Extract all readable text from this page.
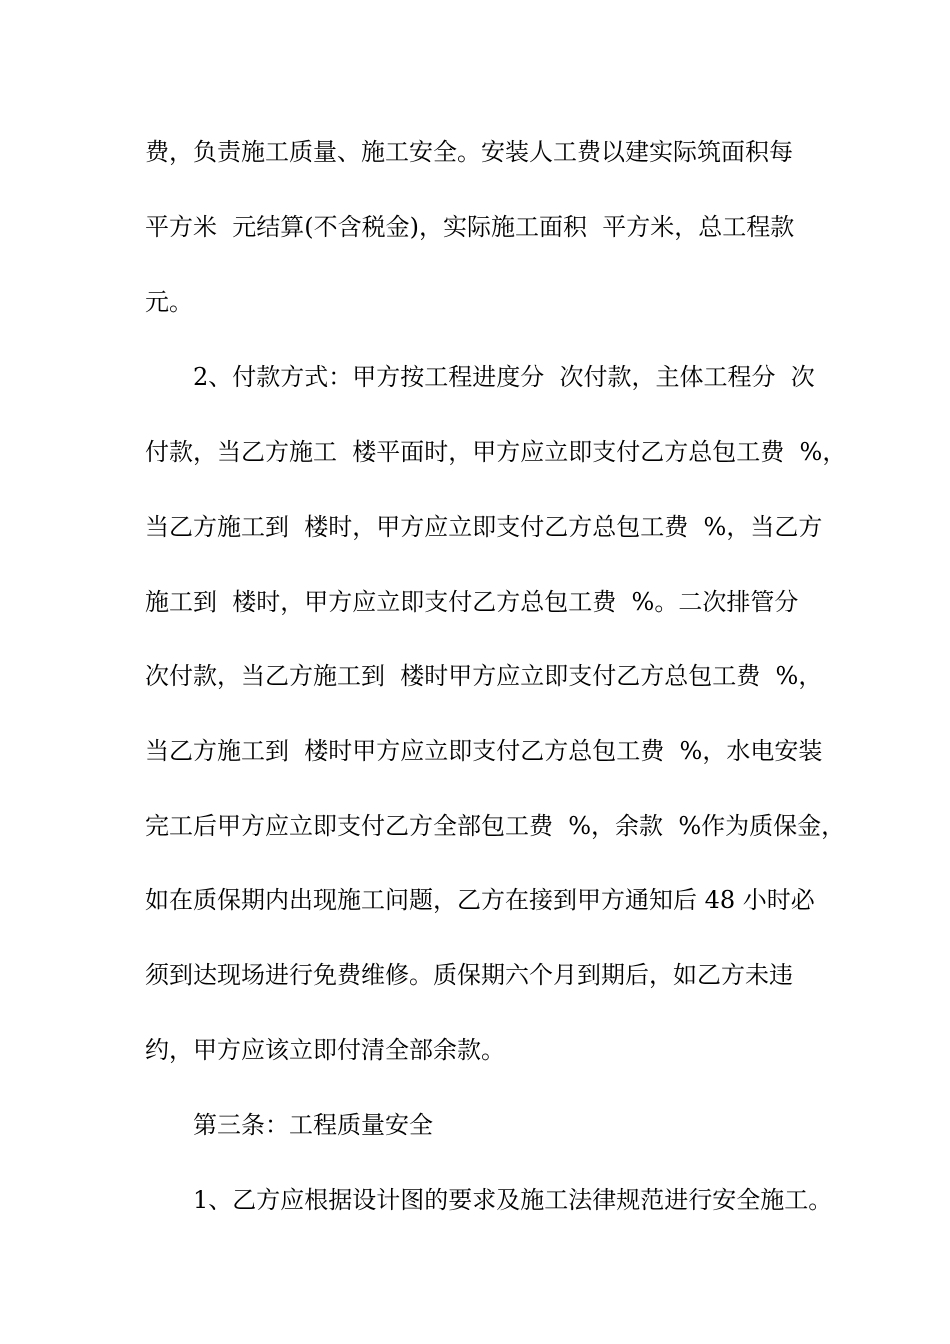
费，负责施工质量、施工安全。安装人工费以建实际筑面积每
平方米  元结算(不含税金)，实际施工面积  平方米，总工程款
元。
2、付款方式：甲方按工程进度分  次付款，主体工程分  次
付款，当乙方施工  楼平面时，甲方应立即支付乙方总包工费  %，
当乙方施工到  楼时，甲方应立即支付乙方总包工费  %，当乙方
施工到  楼时，甲方应立即支付乙方总包工费  %。二次排管分
次付款，当乙方施工到  楼时甲方应立即支付乙方总包工费  %，
当乙方施工到  楼时甲方应立即支付乙方总包工费  %，水电安装
完工后甲方应立即支付乙方全部包工费  %，余款  %作为质保金，
如在质保期内出现施工问题，乙方在接到甲方通知后 48 小时必
须到达现场进行免费维修。质保期六个月到期后，如乙方未违
约，甲方应该立即付清全部余款。
第三条：工程质量安全
1、乙方应根据设计图的要求及施工法律规范进行安全施工。
